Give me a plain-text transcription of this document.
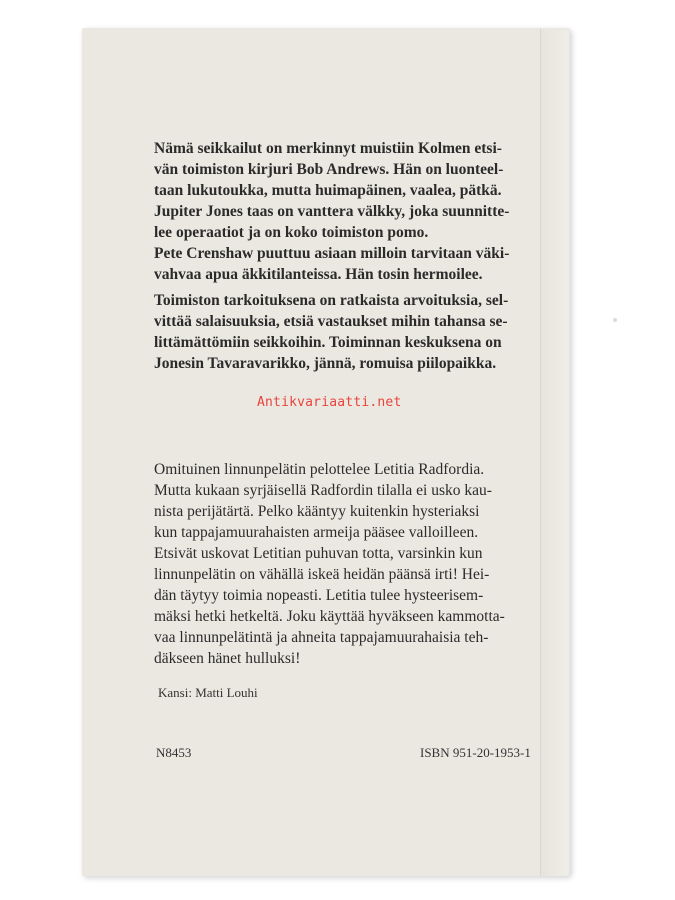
Nämä seikkailut on merkinnyt muistiin Kolmen etsi-
vän toimiston kirjuri Bob Andrews. Hän on luonteel-
taan lukutoukka, mutta huimapäinen, vaalea, pätkä.
Jupiter Jones taas on vanttera välkky, joka suunnitte-
lee operaatiot ja on koko toimiston pomo.
Pete Crenshaw puuttuu asiaan milloin tarvitaan väki-
vahvaa apua äkkitilanteissa. Hän tosin hermoilee.

Toimiston tarkoituksena on ratkaista arvoituksia, sel-
vittää salaisuuksia, etsiä vastaukset mihin tahansa se-
littämättömiin seikkoihin. Toiminnan keskuksena on
Jonesin Tavaravarikko, jännä, romuisa piilopaikka.

Antikvariaatti.net

Omituinen linnunpelätin pelottelee Letitia Radfordia.
Mutta kukaan syrjäisellä Radfordin tilalla ei usko kau-
nista perijätärtä. Pelko kääntyy kuitenkin hysteriaksi
kun tappajamuurahaisten armeija pääsee valloilleen.
Etsivät uskovat Letitian puhuvan totta, varsinkin kun
linnunpelätin on vähällä iskeä heidän päänsä irti! Hei-
dän täytyy toimia nopeasti. Letitia tulee hysteerisem-
mäksi hetki hetkeltä. Joku käyttää hyväkseen kammotta-
vaa linnunpelätintä ja ahneita tappajamuurahaisia teh-
däkseen hänet hulluksi!

Kansi: Matti Louhi
N8453	ISBN 951-20-1953-1
